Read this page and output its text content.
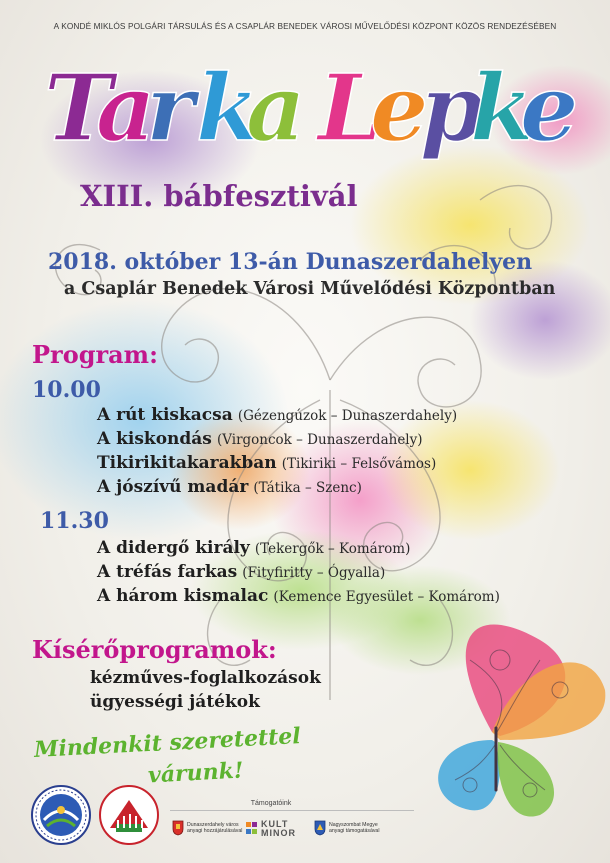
A KONDÉ MIKLÓS POLGÁRI TÁRSULÁS ÉS A CSAPLÁR BENEDEK VÁROSI MŰVELŐDÉSI KÖZPONT KÖZÖS RENDEZÉSÉBEN
T
a
r k
a L
e
p
k
e
XIII. bábfesztivál
2018. október 13-án Dunaszerdahelyen
a Csaplár Benedek Városi Művelődési Központban
Program:
10.00
A rút kiskacsa (Gézengúzok – Dunaszerdahely)
A kiskondás (Virgoncok – Dunaszerdahely)
Tikirikitakarakban (Tikiriki – Felsővámos)
A jószívű madár (Tátika – Szenc)
11.30
A didergő király (Tekergők – Komárom)
A tréfás farkas (Fityfiritty – Ógyalla)
A három kismalac (Kemence Egyesület – Komárom)
Kísérőprogramok:
kézműves-foglalkozások
ügyességi játékok
Mindenkit szeretettel
várunk!
Támogatóink
Dunaszerdahely város
anyagi hozzájárulásával
KULT
MINOR
Nagyszombat Megye
anyagi támogatásával
